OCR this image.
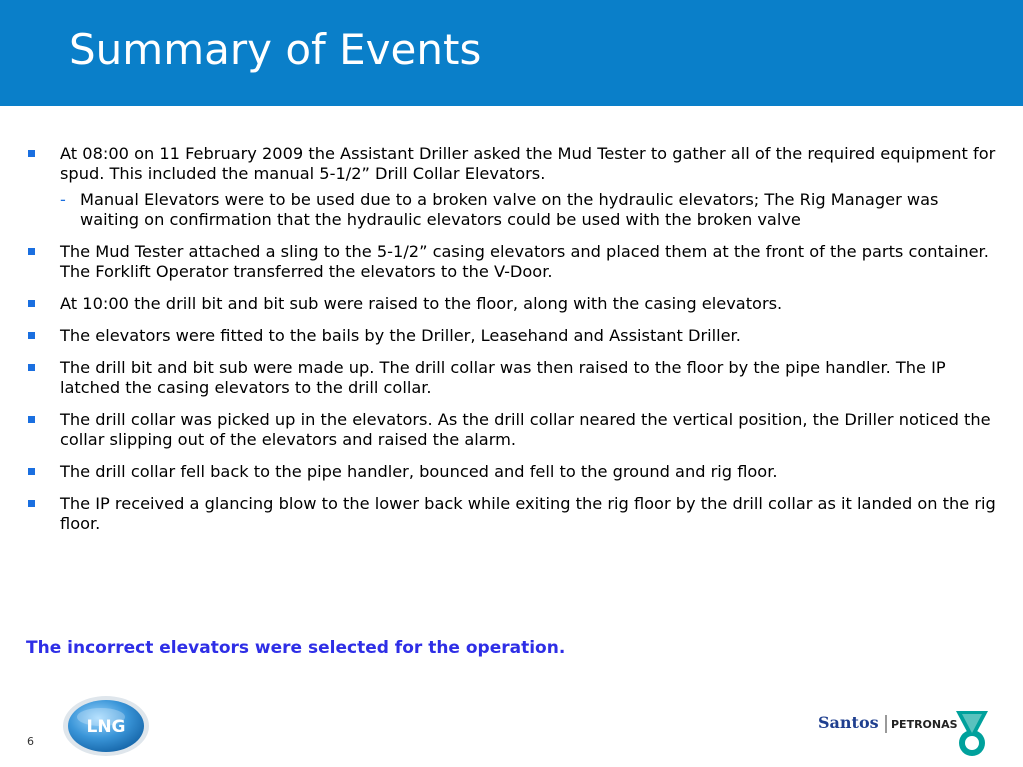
Summary of Events
At 08:00 on 11 February 2009 the Assistant Driller asked the Mud Tester to gather all of the required equipment for spud. This included the manual 5-1/2” Drill Collar Elevators.
- Manual Elevators were to be used due to a broken valve on the hydraulic elevators; The Rig Manager was waiting on confirmation that the hydraulic elevators could be used with the broken valve
The Mud Tester attached a sling to the 5-1/2” casing elevators and placed them at the front of the parts container. The Forklift Operator transferred the elevators to the V-Door.
At 10:00 the drill bit and bit sub were raised to the floor, along with the casing elevators.
The elevators were fitted to the bails by the Driller, Leasehand and Assistant Driller.
The drill bit and bit sub were made up. The drill collar was then raised to the floor by the pipe handler. The IP latched the casing elevators to the drill collar.
The drill collar was picked up in the elevators. As the drill collar neared the vertical position, the Driller noticed the collar slipping out of the elevators and raised the alarm.
The drill collar fell back to the pipe handler, bounced and fell to the ground and rig floor.
The IP received a glancing blow to the lower back while exiting the rig floor by the drill collar as it landed on the rig floor.

The incorrect elevators were selected for the operation.

LNG	Santos PETRONAS
6
